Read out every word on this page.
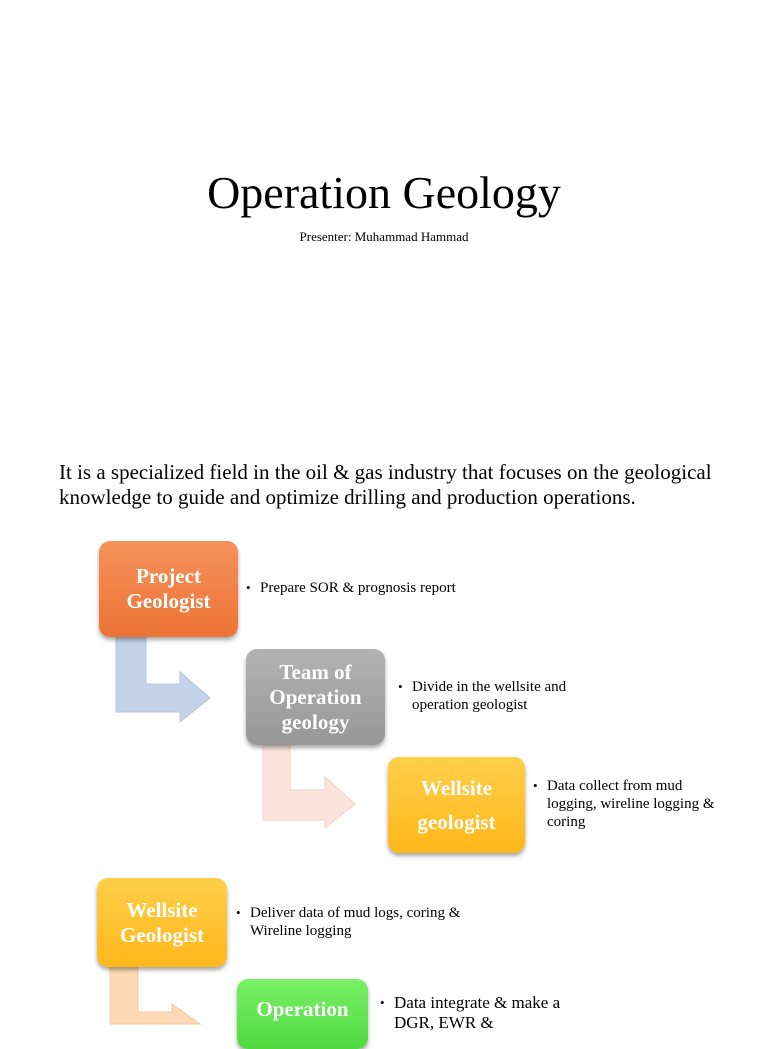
Operation Geology
Presenter: Muhammad Hammad
It is a specialized field in the oil & gas industry that focuses on the geological knowledge to guide and optimize drilling and production operations.
Project Geologist
• Prepare SOR & prognosis report
Team of Operation geology
• Divide in the wellsite and operation geologist
Wellsite geologist
• Data collect from mud logging, wireline logging & coring
Wellsite Geologist
• Deliver data of mud logs, coring & Wireline logging
Operation • Data integrate & make a DGR, EWR &
